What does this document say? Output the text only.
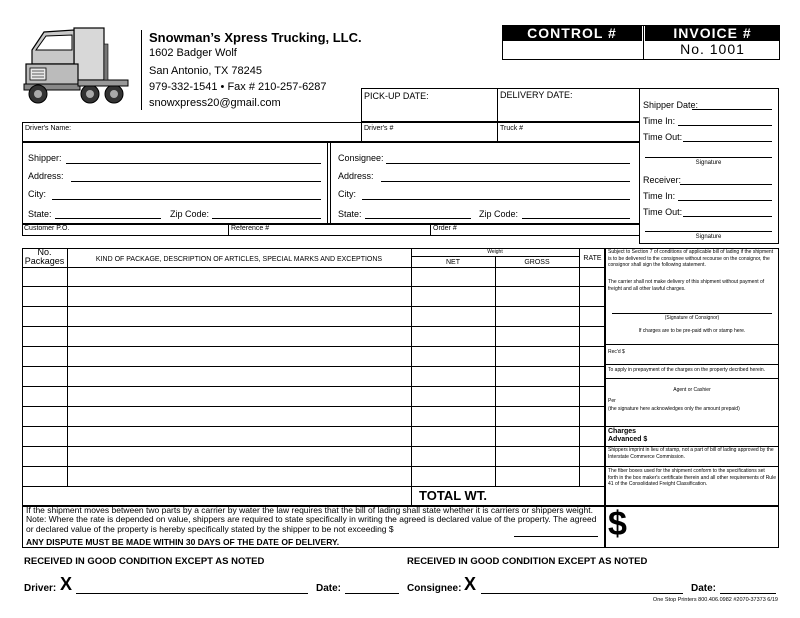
Snowman’s Xpress Trucking, LLC.
1602 Badger Wolf
San Antonio, TX 78245
979-332-1541 • Fax # 210-257-6287
snowxpress20@gmail.com
CONTROL #	INVOICE #
No. 1001
PICK-UP DATE:	DELIVERY DATE:
Shipper Date:
Time In:
Time Out:
Signature
Receiver:
Time In:
Time Out:
Signature
Driver's Name:	Driver's #	Truck #
Shipper:
Address:
City:
State:	Zip Code:
Consignee:
Address:
City:
State:	Zip Code:
Customer P.O.	Reference #	Order #
No.
Packages	KIND OF PACKAGE, DESCRIPTION OF ARTICLES, SPECIAL MARKS AND EXCEPTIONS
Weight
NET	GROSS
RATE
TOTAL WT.
Subject to Section 7 of conditions of applicable bill of lading if the shipment is to be delivered to the consignee without recourse on the consignor, the consignor shall sign the following statement.
The carrier shall not make delivery of this shipment without payment of freight and all other lawful charges.
(Signature of Consignor)
If charges are to be pre-paid with or stamp here.
Rec'd $
To apply in prepayment of the charges on the property decribed herein.
Agent or Cashier
Per
(the signature here acknowledges only the amount prepaid)
Charges
Advanced $
Shippers imprint in lieu of stamp, not a part of bill of lading approved by the Interstate Commerce Commission.
The fiber boxes used for the shipment conform to the specifications set forth in the box maker's certificate therein and all other requirements of Rule 41 of the Consolidated Freight Classification.
If the shipment moves between two parts by a carrier by water the law requires that the bill of lading shall state whether it is carriers or shippers weight. Note: Where the rate is depended on value, shippers are required to state specifically in writing the agreed is declared value of the property. The agreed or declared value of the property is hereby specifically stated by the shipper to be not exceeding $
ANY DISPUTE MUST BE MADE WITHIN 30 DAYS OF THE DATE OF DELIVERY.	$
RECEIVED IN GOOD CONDITION EXCEPT AS NOTED	RECEIVED IN GOOD CONDITION EXCEPT AS NOTED
Driver: X	Date:	Consignee: X	Date:
One Stop Printers 800.406.0982 #2070-37373 6/19
